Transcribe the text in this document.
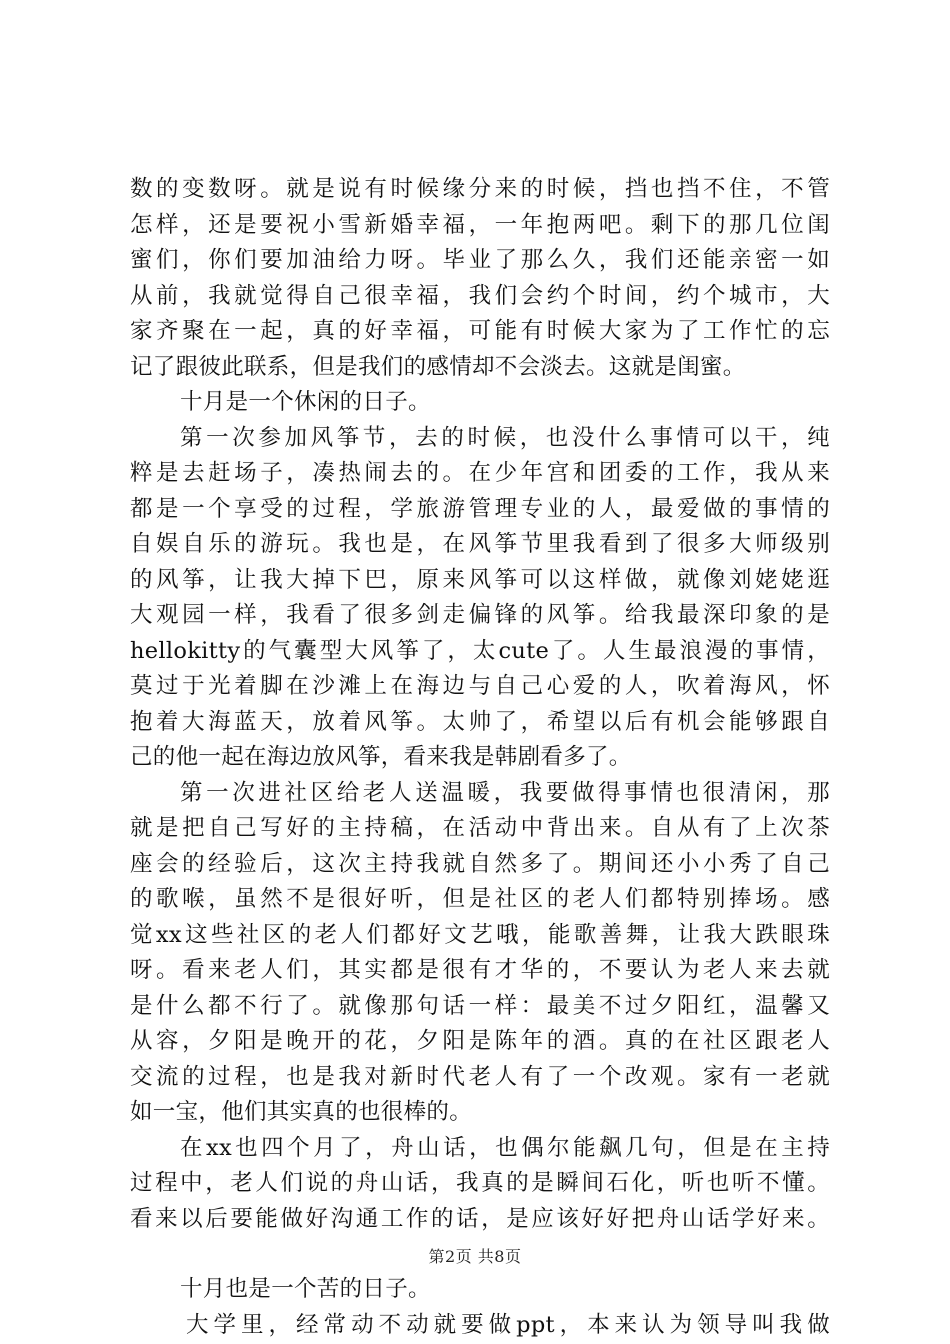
数的变数呀。就是说有时候缘分来的时候，挡也挡不住，不管
怎样，还是要祝小雪新婚幸福，一年抱两吧。剩下的那几位闺
蜜们，你们要加油给力呀。毕业了那么久，我们还能亲密一如
从前，我就觉得自己很幸福，我们会约个时间，约个城市，大
家齐聚在一起，真的好幸福，可能有时候大家为了工作忙的忘
记了跟彼此联系，但是我们的感情却不会淡去。这就是闺蜜。
十月是一个休闲的日子。
第一次参加风筝节，去的时候，也没什么事情可以干，纯
粹是去赶场子，凑热闹去的。在少年宫和团委的工作，我从来
都是一个享受的过程，学旅游管理专业的人，最爱做的事情的
自娱自乐的游玩。我也是，在风筝节里我看到了很多大师级别
的风筝，让我大掉下巴，原来风筝可以这样做，就像刘姥姥逛
大观园一样，我看了很多剑走偏锋的风筝。给我最深印象的是
hellokitty的气囊型大风筝了，太cute了。人生最浪漫的事情，
莫过于光着脚在沙滩上在海边与自己心爱的人，吹着海风，怀
抱着大海蓝天，放着风筝。太帅了，希望以后有机会能够跟自
己的他一起在海边放风筝，看来我是韩剧看多了。
第一次进社区给老人送温暖，我要做得事情也很清闲，那
就是把自己写好的主持稿，在活动中背出来。自从有了上次茶
座会的经验后，这次主持我就自然多了。期间还小小秀了自己
的歌喉，虽然不是很好听，但是社区的老人们都特别捧场。感
觉xx这些社区的老人们都好文艺哦，能歌善舞，让我大跌眼珠
呀。看来老人们，其实都是很有才华的，不要认为老人来去就
是什么都不行了。就像那句话一样：最美不过夕阳红，温馨又
从容，夕阳是晚开的花，夕阳是陈年的酒。真的在社区跟老人
交流的过程，也是我对新时代老人有了一个改观。家有一老就
如一宝，他们其实真的也很棒的。
在xx也四个月了，舟山话，也偶尔能飙几句，但是在主持
过程中，老人们说的舟山话，我真的是瞬间石化，听也听不懂。
看来以后要能做好沟通工作的话，是应该好好把舟山话学好来。
十月也是一个苦的日子。
大学里，经常动不动就要做ppt，本来认为领导叫我做
第2页 共8页
